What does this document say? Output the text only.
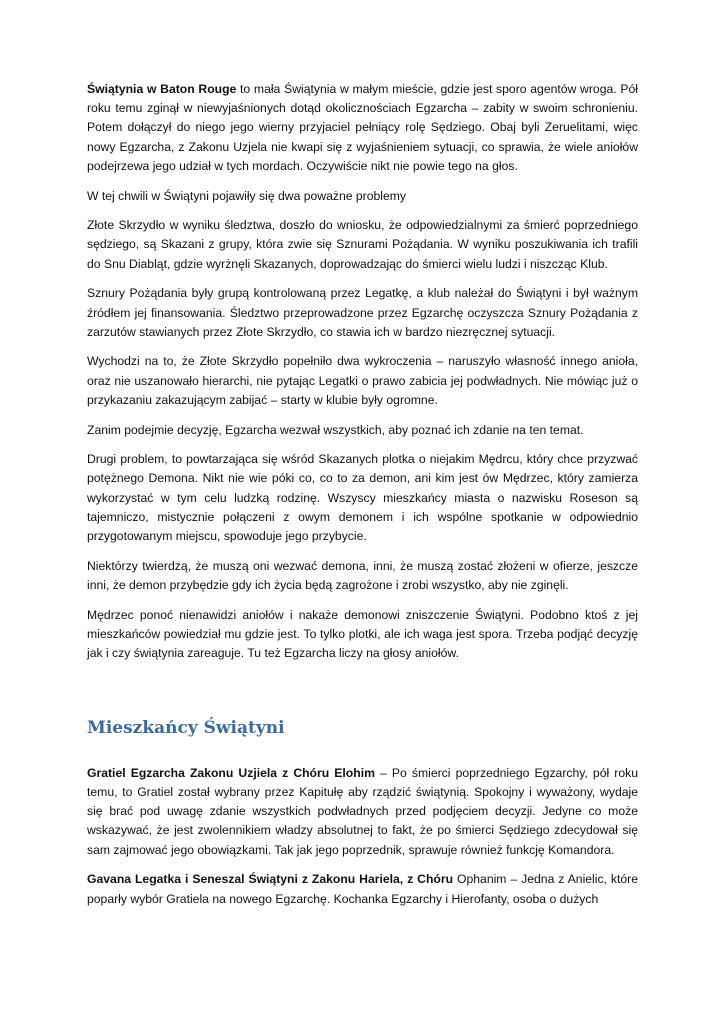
Świątynia w Baton Rouge to mała Świątynia w małym mieście, gdzie jest sporo agentów wroga. Pół roku temu zginął w niewyjaśnionych dotąd okolicznościach Egzarcha – zabity w swoim schronieniu. Potem dołączył do niego jego wierny przyjaciel pełniący rolę Sędziego. Obaj byli Zeruelitami, więc nowy Egzarcha, z Zakonu Uzjela nie kwapi się z wyjaśnieniem sytuacji, co sprawia, że wiele aniołów podejrzewa jego udział w tych mordach. Oczywiście nikt nie powie tego na głos.

W tej chwili w Świątyni pojawiły się dwa poważne problemy

Złote Skrzydło w wyniku śledztwa, doszło do wniosku, że odpowiedzialnymi za śmierć poprzedniego sędziego, są Skazani z grupy, która zwie się Sznurami Pożądania. W wyniku poszukiwania ich trafili do Snu Diabląt, gdzie wyrżnęli Skazanych, doprowadzając do śmierci wielu ludzi i niszcząc Klub.

Sznury Pożądania były grupą kontrolowaną przez Legatkę, a klub należał do Świątyni i był ważnym źródłem jej finansowania. Śledztwo przeprowadzone przez Egzarchę oczyszcza Sznury Pożądania z zarzutów stawianych przez Złote Skrzydło, co stawia ich w bardzo niezręcznej sytuacji.

Wychodzi na to, że Złote Skrzydło popełniło dwa wykroczenia – naruszyło własność innego anioła, oraz nie uszanowało hierarchi, nie pytając Legatki o prawo zabicia jej podwładnych. Nie mówiąc już o przykazaniu zakazującym zabijać – starty w klubie były ogromne.

Zanim podejmie decyzję, Egzarcha wezwał wszystkich, aby poznać ich zdanie na ten temat.

Drugi problem, to powtarzająca się wśród Skazanych plotka o niejakim Mędrcu, który chce przyzwać potężnego Demona. Nikt nie wie póki co, co to za demon, ani kim jest ów Mędrzec, który zamierza wykorzystać w tym celu ludzką rodzinę. Wszyscy mieszkańcy miasta o nazwisku Roseson są tajemniczo, mistycznie połączeni z owym demonem i ich wspólne spotkanie w odpowiednio przygotowanym miejscu, spowoduje jego przybycie.

Niektórzy twierdzą, że muszą oni wezwać demona, inni, że muszą zostać złożeni w ofierze, jeszcze inni, że demon przybędzie gdy ich życia będą zagrożone i zrobi wszystko, aby nie zginęli.

Mędrzec ponoć nienawidzi aniołów i nakaże demonowi zniszczenie Świątyni. Podobno ktoś z jej mieszkańców powiedział mu gdzie jest. To tylko plotki, ale ich waga jest spora. Trzeba podjąć decyzję jak i czy świątynia zareaguje. Tu też Egzarcha liczy na głosy aniołów.

Mieszkańcy Świątyni

Gratiel Egzarcha Zakonu Uzjiela z Chóru Elohim – Po śmierci poprzedniego Egzarchy, pół roku temu, to Gratiel został wybrany przez Kapitułę aby rządzić świątynią. Spokojny i wyważony, wydaje się brać pod uwagę zdanie wszystkich podwładnych przed podjęciem decyzji. Jedyne co może wskazywać, że jest zwolennikiem władzy absolutnej to fakt, że po śmierci Sędziego zdecydował się sam zajmować jego obowiązkami. Tak jak jego poprzednik, sprawuje również funkcję Komandora.

Gavana Legatka i Seneszal Świątyni z Zakonu Hariela, z Chóru Ophanim – Jedna z Anielic, które poparły wybór Gratiela na nowego Egzarchę. Kochanka Egzarchy i Hierofanty, osoba o dużych
